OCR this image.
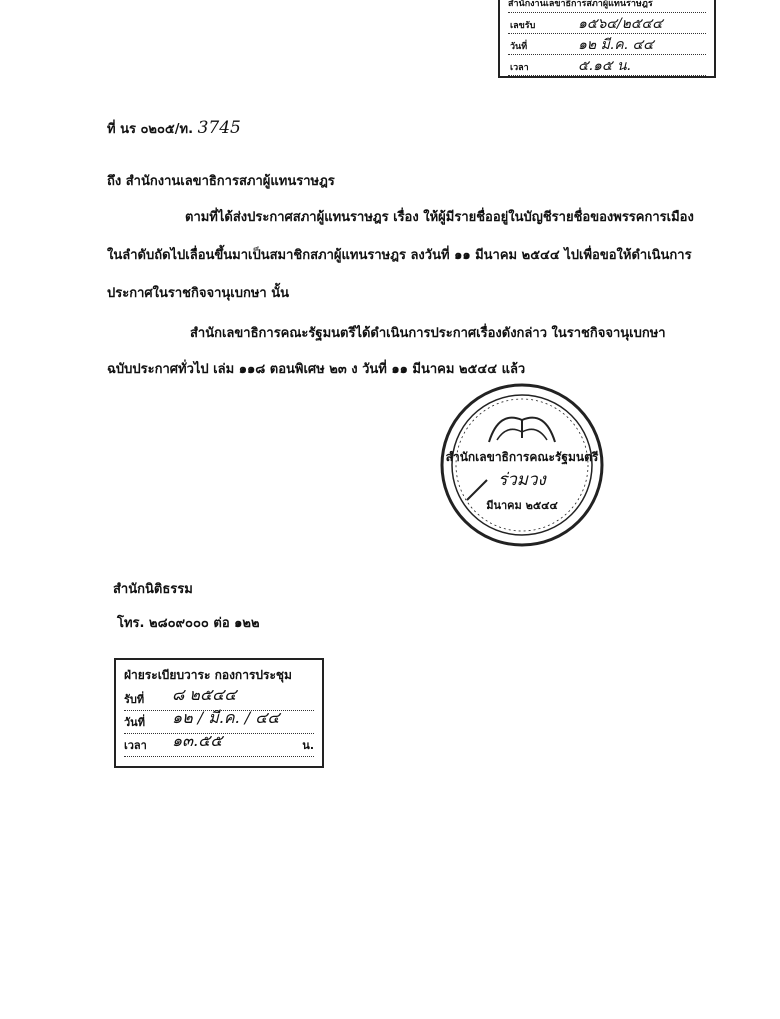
สำนักงานเลขาธิการสภาผู้แทนราษฎร
เลขรับ	๑๕๖๔/๒๕๔๔
วันที่	๑๒ มี.ค. ๔๔
เวลา	๕.๑๕ น.
ที่ นร ๐๒๐๕/ท. 3745
ถึง สำนักงานเลขาธิการสภาผู้แทนราษฎร
ตามที่ได้ส่งประกาศสภาผู้แทนราษฎร เรื่อง ให้ผู้มีรายชื่ออยู่ในบัญชีรายชื่อของพรรคการเมือง
ในลำดับถัดไปเลื่อนขึ้นมาเป็นสมาชิกสภาผู้แทนราษฎร ลงวันที่ ๑๑ มีนาคม ๒๕๔๔ ไปเพื่อขอให้ดำเนินการ
ประกาศในราชกิจจานุเบกษา นั้น
สำนักเลขาธิการคณะรัฐมนตรีได้ดำเนินการประกาศเรื่องดังกล่าว ในราชกิจจานุเบกษา
ฉบับประกาศทั่วไป เล่ม ๑๑๘ ตอนพิเศษ ๒๓ ง วันที่ ๑๑ มีนาคม ๒๕๔๔ แล้ว
สำนักเลขาธิการคณะรัฐมนตรี
ร่วมวง
มีนาคม ๒๕๔๔
สำนักนิติธรรม
โทร. ๒๘๐๙๐๐๐ ต่อ ๑๒๒
ฝ่ายระเบียบวาระ กองการประชุม
รับที่ ๘ ๒๕๔๔
วันที่ ๑๒ / มี.ค. / ๔๔
เวลา ๑๓.๕๕	น.
